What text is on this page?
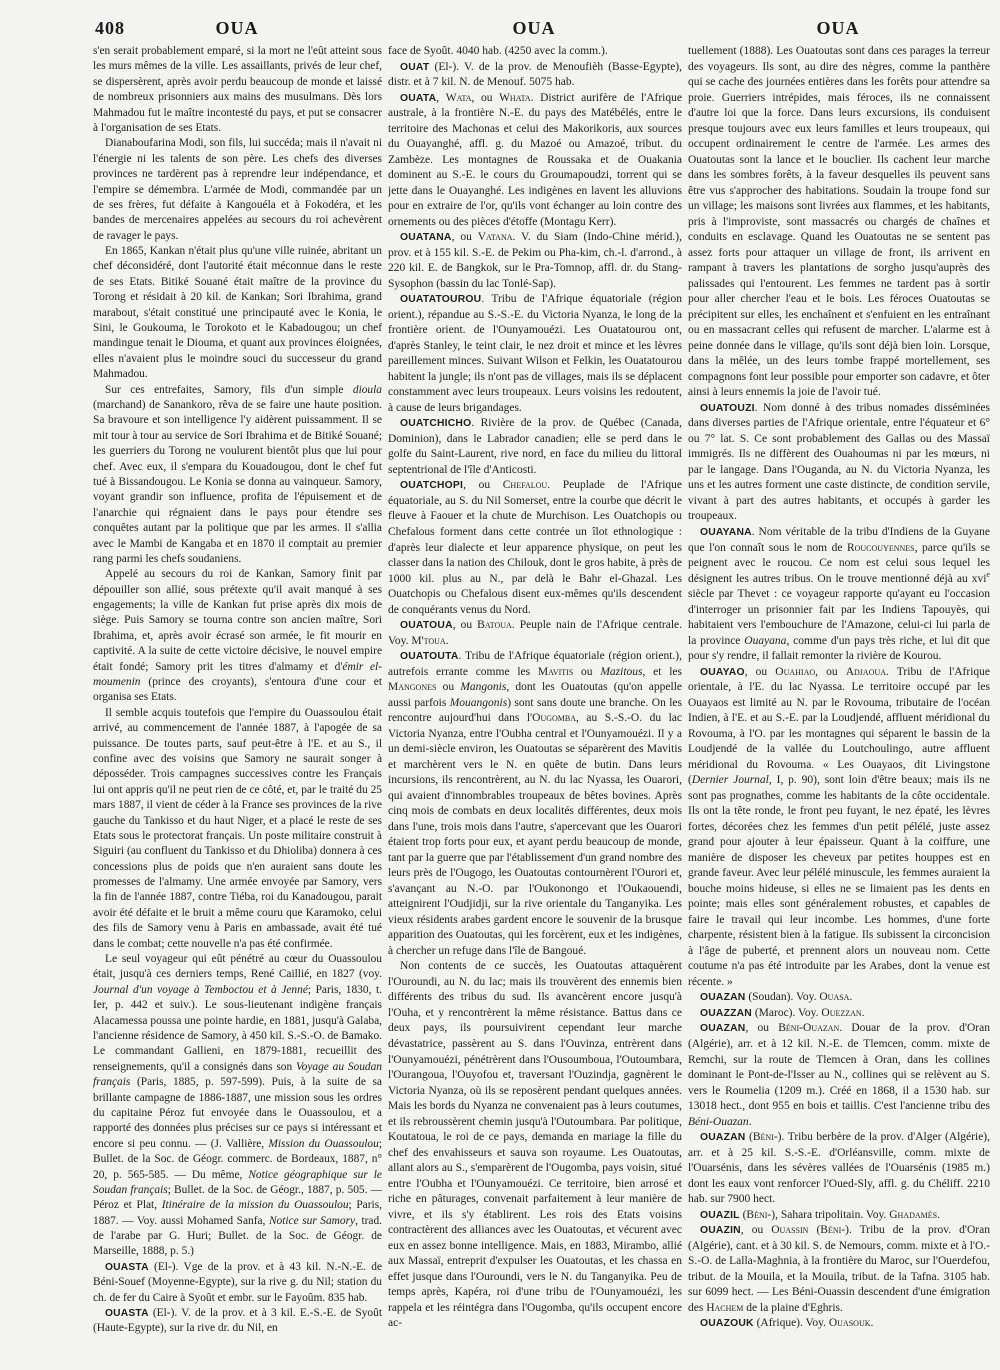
408	OUA	OUA	OUA

s'en serait probablement emparé, si la mort ne l'eût atteint sous les murs mêmes de la ville. Les assaillants, privés de leur chef, se dispersèrent, après avoir perdu beaucoup de monde et laissé de nombreux prisonniers aux mains des musulmans. Dès lors Mahmadou fut le maître incontesté du pays, et put se consacrer à l'organisation de ses Etats.

Dianaboufarina Modi, son fils, lui succéda; mais il n'avait ni l'énergie ni les talents de son père. Les chefs des diverses provinces ne tardèrent pas à reprendre leur indépendance, et l'empire se démembra. L'armée de Modi, commandée par un de ses frères, fut défaite à Kangouéla et à Fokodéra, et les bandes de mercenaires appelées au secours du roi achevèrent de ravager le pays.

En 1865, Kankan n'était plus qu'une ville ruinée, abritant un chef déconsidéré, dont l'autorité était méconnue dans le reste de ses Etats. Bitiké Souané était maître de la province du Torong et résidait à 20 kil. de Kankan; Sori Ibrahima, grand marabout, s'était constitué une principauté avec le Konia, le Sini, le Goukouma, le Torokoto et le Kabadougou; un chef mandingue tenait le Diouma, et quant aux provinces éloignées, elles n'avaient plus le moindre souci du successeur du grand Mahmadou.

Sur ces entrefaites, Samory, fils d'un simple dioula (marchand) de Sanankoro, rêva de se faire une haute position. Sa bravoure et son intelligence l'y aidèrent puissamment. Il se mit tour à tour au service de Sori Ibrahima et de Bitiké Souané; les guerriers du Torong ne voulurent bientôt plus que lui pour chef. Avec eux, il s'empara du Kouadougou, dont le chef fut tué à Bissandougou. Le Konia se donna au vainqueur. Samory, voyant grandir son influence, profita de l'épuisement et de l'anarchie qui régnaient dans le pays pour étendre ses conquêtes autant par la politique que par les armes. Il s'allia avec le Mambi de Kangaba et en 1870 il comptait au premier rang parmi les chefs soudaniens.

Appelé au secours du roi de Kankan, Samory finit par dépouiller son allié, sous prétexte qu'il avait manqué à ses engagements; la ville de Kankan fut prise après dix mois de siège. Puis Samory se tourna contre son ancien maître, Sori Ibrahima, et, après avoir écrasé son armée, le fit mourir en captivité. A la suite de cette victoire décisive, le nouvel empire était fondé; Samory prit les titres d'almamy et d'émir el-moumenin (prince des croyants), s'entoura d'une cour et organisa ses Etats.

Il semble acquis toutefois que l'empire du Ouassoulou était arrivé, au commencement de l'année 1887, à l'apogée de sa puissance. De toutes parts, sauf peut-être à l'E. et au S., il confine avec des voisins que Samory ne saurait songer à déposséder. Trois campagnes successives contre les Français lui ont appris qu'il ne peut rien de ce côté, et, par le traité du 25 mars 1887, il vient de céder à la France ses provinces de la rive gauche du Tankisso et du haut Niger, et a placé le reste de ses Etats sous le protectorat français. Un poste militaire construit à Siguiri (au confluent du Tankisso et du Dhioliba) donnera à ces concessions plus de poids que n'en auraient sans doute les promesses de l'almamy. Une armée envoyée par Samory, vers la fin de l'année 1887, contre Tiéba, roi du Kanadougou, parait avoir été défaite et le bruit a même couru que Karamoko, celui des fils de Samory venu à Paris en ambassade, avait été tué dans le combat; cette nouvelle n'a pas été confirmée.

Le seul voyageur qui eût pénétré au cœur du Ouassoulou était, jusqu'à ces derniers temps, René Caillié, en 1827 (voy. Journal d'un voyage à Temboctou et à Jenné; Paris, 1830, t. Ier, p. 442 et suiv.). Le sous-lieutenant indigène français Alacamessa poussa une pointe hardie, en 1881, jusqu'à Galaba, l'ancienne résidence de Samory, à 450 kil. S.-S.-O. de Bamako. Le commandant Gallieni, en 1879-1881, recueillit des renseignements, qu'il a consignés dans son Voyage au Soudan français (Paris, 1885, p. 597-599). Puis, à la suite de sa brillante campagne de 1886-1887, une mission sous les ordres du capitaine Péroz fut envoyée dans le Ouassoulou, et a rapporté des données plus précises sur ce pays si intéressant et encore si peu connu. — (J. Vallière, Mission du Ouassoulou; Bullet. de la Soc. de Géogr. commerc. de Bordeaux, 1887, n° 20, p. 565-585. — Du même, Notice géographique sur le Soudan français; Bullet. de la Soc. de Géogr., 1887, p. 505. — Péroz et Plat, Itinéraire de la mission du Ouassoulou; Paris, 1887. — Voy. aussi Mohamed Sanfa, Notice sur Samory, trad. de l'arabe par G. Huri; Bullet. de la Soc. de Géogr. de Marseille, 1888, p. 5.)

OUASTA (El-). Vge de la prov. et à 43 kil. N.-N.-E. de Béni-Souef (Moyenne-Egypte), sur la rive g. du Nil; station du ch. de fer du Caire à Syoût et embr. sur le Fayoûm. 835 hab.

OUASTA (El-). V. de la prov. et à 3 kil. E.-S.-E. de Syoût (Haute-Egypte), sur la rive dr. du Nil, en

face de Syoût. 4040 hab. (4250 avec la comm.).

OUAT (El-). V. de la prov. de Menoufièh (Basse-Egypte), distr. et à 7 kil. N. de Menouf. 5075 hab.

OUATA, Wata, ou Whata. District aurifère de l'Afrique australe, à la frontière N.-E. du pays des Matébélés, entre le territoire des Machonas et celui des Makorikoris, aux sources du Ouayanghé, affl. g. du Mazoé ou Amazoé, tribut. du Zambèze. Les montagnes de Roussaka et de Ouakania dominent au S.-E. le cours du Groumapoudzi, torrent qui se jette dans le Ouayanghé. Les indigènes en lavent les alluvions pour en extraire de l'or, qu'ils vont échanger au loin contre des ornements ou des pièces d'étoffe (Montagu Kerr).

OUATANA, ou Vatana. V. du Siam (Indo-Chine mérid.), prov. et à 155 kil. S.-E. de Pekim ou Pha-kim, ch.-l. d'arrond., à 220 kil. E. de Bangkok, sur le Pra-Tomnop, affl. dr. du Stang-Sysophon (bassin du lac Tonlé-Sap).

OUATATOUROU. Tribu de l'Afrique équatoriale (région orient.), répandue au S.-S.-E. du Victoria Nyanza, le long de la frontière orient. de l'Ounyamouézi. Les Ouatatourou ont, d'après Stanley, le teint clair, le nez droit et mince et les lèvres pareillement minces. Suivant Wilson et Felkin, les Ouatatourou habitent la jungle; ils n'ont pas de villages, mais ils se déplacent constamment avec leurs troupeaux. Leurs voisins les redoutent, à cause de leurs brigandages.

OUATCHICHO. Rivière de la prov. de Québec (Canada, Dominion), dans le Labrador canadien; elle se perd dans le golfe du Saint-Laurent, rive nord, en face du milieu du littoral septentrional de l'île d'Anticosti.

OUATCHOPI, ou Chefalou. Peuplade de l'Afrique équatoriale, au S. du Nil Somerset, entre la courbe que décrit le fleuve à Faouer et la chute de Murchison. Les Ouatchopis ou Chefalous forment dans cette contrée un îlot ethnologique : d'après leur dialecte et leur apparence physique, on peut les classer dans la nation des Chilouk, dont le gros habite, à près de 1000 kil. plus au N., par delà le Bahr el-Ghazal. Les Ouatchopis ou Chefalous disent eux-mêmes qu'ils descendent de conquérants venus du Nord.

OUATOUA, ou Batoua. Peuple nain de l'Afrique centrale. Voy. M'toua.

OUATOUTA. Tribu de l'Afrique équatoriale (région orient.), autrefois errante comme les Mavitis ou Mazitous, et les Mangones ou Mangonis, dont les Ouatoutas (qu'on appelle aussi parfois Mouangonis) sont sans doute une branche. On les rencontre aujourd'hui dans l'Ougomba, au S.-S.-O. du lac Victoria Nyanza, entre l'Oubha central et l'Ounyamouézi. Il y a un demi-siècle environ, les Ouatoutas se séparèrent des Mavitis et marchèrent vers le N. en quête de butin. Dans leurs incursions, ils rencontrèrent, au N. du lac Nyassa, les Ouarori, qui avaient d'innombrables troupeaux de bêtes bovines. Après cinq mois de combats en deux localités différentes, deux mois dans l'une, trois mois dans l'autre, s'apercevant que les Ouarori étaient trop forts pour eux, et ayant perdu beaucoup de monde, tant par la guerre que par l'établissement d'un grand nombre des leurs près de l'Ougogo, les Ouatoutas contournèrent l'Ourori et, s'avançant au N.-O. par l'Oukonongo et l'Oukaouendi, atteignirent l'Oudjidji, sur la rive orientale du Tanganyika. Les vieux résidents arabes gardent encore le souvenir de la brusque apparition des Ouatoutas, qui les forcèrent, eux et les indigènes, à chercher un refuge dans l'île de Bangoué.

Non contents de ce succès, les Ouatoutas attaquèrent l'Ouroundi, au N. du lac; mais ils trouvèrent des ennemis bien différents des tribus du sud. Ils avancèrent encore jusqu'à l'Ouha, et y rencontrèrent la même résistance. Battus dans ce deux pays, ils poursuivirent cependant leur marche dévastatrice, passèrent au S. dans l'Ouvinza, entrèrent dans l'Ounyamouézi, pénétrèrent dans l'Ousoumboua, l'Outoumbara, l'Ourangoua, l'Ouyofou et, traversant l'Ouzindja, gagnèrent le Victoria Nyanza, où ils se reposèrent pendant quelques années. Mais les bords du Nyanza ne convenaient pas à leurs coutumes, et ils rebroussèrent chemin jusqu'à l'Outoumbara. Par politique, Koutatoua, le roi de ce pays, demanda en mariage la fille du chef des envahisseurs et sauva son royaume. Les Ouatoutas, allant alors au S., s'emparèrent de l'Ougomba, pays voisin, situé entre l'Oubha et l'Ounyamouézi. Ce territoire, bien arrosé et riche en pâturages, convenait parfaitement à leur manière de vivre, et ils s'y établirent. Les rois des Etats voisins contractèrent des alliances avec les Ouatoutas, et vécurent avec eux en assez bonne intelligence. Mais, en 1883, Mirambo, allié aux Massaï, entreprit d'expulser les Ouatoutas, et les chassa en effet jusque dans l'Ouroundi, vers le N. du Tanganyika. Peu de temps après, Kapéra, roi d'une tribu de l'Ounyamouézi, les rappela et les réintégra dans l'Ougomba, qu'ils occupent encore ac-

tuellement (1888). Les Ouatoutas sont dans ces parages la terreur des voyageurs. Ils sont, au dire des nègres, comme la panthère qui se cache des journées entières dans les forêts pour attendre sa proie. Guerriers intrépides, mais féroces, ils ne connaissent d'autre loi que la force. Dans leurs excursions, ils conduisent presque toujours avec eux leurs familles et leurs troupeaux, qui occupent ordinairement le centre de l'armée. Les armes des Ouatoutas sont la lance et le bouclier. Ils cachent leur marche dans les sombres forêts, à la faveur desquelles ils peuvent sans être vus s'approcher des habitations. Soudain la troupe fond sur un village; les maisons sont livrées aux flammes, et les habitants, pris à l'improviste, sont massacrés ou chargés de chaînes et conduits en esclavage. Quand les Ouatoutas ne se sentent pas assez forts pour attaquer un village de front, ils arrivent en rampant à travers les plantations de sorgho jusqu'auprès des palissades qui l'entourent. Les femmes ne tardent pas à sortir pour aller chercher l'eau et le bois. Les féroces Ouatoutas se précipitent sur elles, les enchaînent et s'enfuient en les entraînant ou en massacrant celles qui refusent de marcher. L'alarme est à peine donnée dans le village, qu'ils sont déjà bien loin. Lorsque, dans la mêlée, un des leurs tombe frappé mortellement, ses compagnons font leur possible pour emporter son cadavre, et ôter ainsi à leurs ennemis la joie de l'avoir tué.

OUATOUZI. Nom donné à des tribus nomades disséminées dans diverses parties de l'Afrique orientale, entre l'équateur et 6° ou 7° lat. S. Ce sont probablement des Gallas ou des Massaï immigrés. Ils ne diffèrent des Ouahoumas ni par les mœurs, ni par le langage. Dans l'Ouganda, au N. du Victoria Nyanza, les uns et les autres forment une caste distincte, de condition servile, vivant à part des autres habitants, et occupés à garder les troupeaux.

OUAYANA. Nom véritable de la tribu d'Indiens de la Guyane que l'on connaît sous le nom de Roucouyennes, parce qu'ils se peignent avec le roucou. Ce nom est celui sous lequel les désignent les autres tribus. On le trouve mentionné déjà au xvi$^e$ siècle par Thevet : ce voyageur rapporte qu'ayant eu l'occasion d'interroger un prisonnier fait par les Indiens Tapouyès, qui habitaient vers l'embouchure de l'Amazone, celui-ci lui parla de la province Ouayana, comme d'un pays très riche, et lui dit que pour s'y rendre, il fallait remonter la rivière de Kourou.

OUAYAO, ou Ouahiao, ou Adjaoua. Tribu de l'Afrique orientale, à l'E. du lac Nyassa. Le territoire occupé par les Ouayaos est limité au N. par le Rovouma, tributaire de l'océan Indien, à l'E. et au S.-E. par la Loudjendé, affluent méridional du Rovouma, à l'O. par les montagnes qui séparent le bassin de la Loudjendé de la vallée du Loutchoulingo, autre affluent méridional du Rovouma. « Les Ouayaos, dit Livingstone (Dernier Journal, I, p. 90), sont loin d'être beaux; mais ils ne sont pas prognathes, comme les habitants de la côte occidentale. Ils ont la tête ronde, le front peu fuyant, le nez épaté, les lèvres fortes, décorées chez les femmes d'un petit pélélé, juste assez grand pour ajouter à leur épaisseur. Quant à la coiffure, une manière de disposer les cheveux par petites houppes est en grande faveur. Avec leur pélélé minuscule, les femmes auraient la bouche moins hideuse, si elles ne se limaient pas les dents en pointe; mais elles sont généralement robustes, et capables de faire le travail qui leur incombe. Les hommes, d'une forte charpente, résistent bien à la fatigue. Ils subissent la circoncision à l'âge de puberté, et prennent alors un nouveau nom. Cette coutume n'a pas été introduite par les Arabes, dont la venue est récente. »

OUAZAN (Soudan). Voy. Ouasa.

OUAZZAN (Maroc). Voy. Ouezzan.

OUAZAN, ou Béni-Ouazan. Douar de la prov. d'Oran (Algérie), arr. et à 12 kil. N.-E. de Tlemcen, comm. mixte de Remchi, sur la route de Tlemcen à Oran, dans les collines dominant le Pont-de-l'Isser au N., collines qui se relèvent au S. vers le Roumelia (1209 m.). Créé en 1868, il a 1530 hab. sur 13018 hect., dont 955 en bois et taillis. C'est l'ancienne tribu des Béni-Ouazan.

OUAZAN (Béni-). Tribu berbère de la prov. d'Alger (Algérie), arr. et à 25 kil. S.-S.-E. d'Orléansville, comm. mixte de l'Ouarsénis, dans les sévères vallées de l'Ouarsénis (1985 m.) dont les eaux vont renforcer l'Oued-Sly, affl. g. du Chéliff. 2210 hab. sur 7900 hect.

OUAZIL (Béni-), Sahara tripolitain. Voy. Ghadamès.

OUAZIN, ou Ouassin (Béni-). Tribu de la prov. d'Oran (Algérie), cant. et à 30 kil. S. de Nemours, comm. mixte et à l'O.-S.-O. de Lalla-Maghnia, à la frontière du Maroc, sur l'Ouerdefou, tribut. de la Mouila, et la Mouila, tribut. de la Tafna. 3105 hab. sur 6099 hect. — Les Béni-Ouassin descendent d'une émigration des Hachem de la plaine d'Eghris.

OUAZOUK (Afrique). Voy. Ouasouk.
